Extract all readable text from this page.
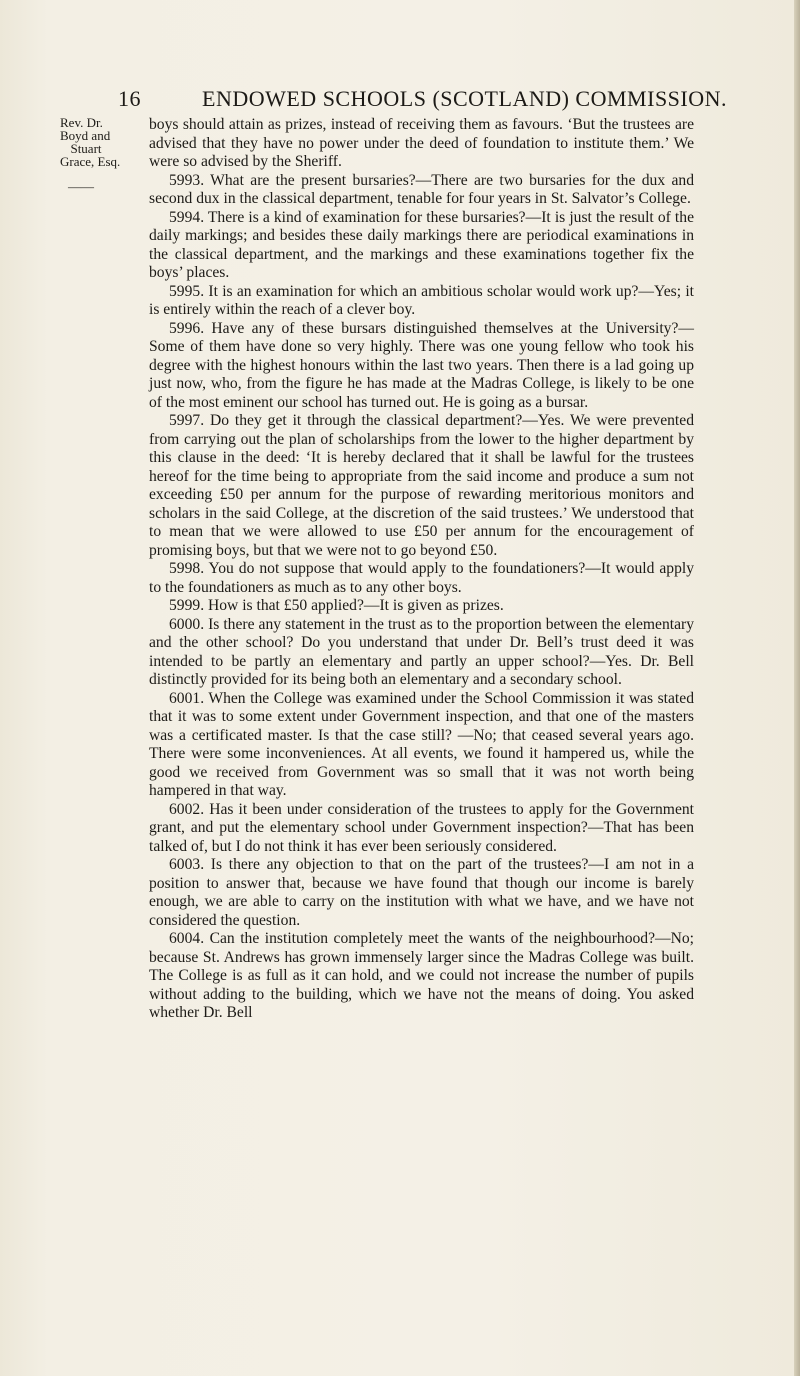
16	ENDOWED SCHOOLS (SCOTLAND) COMMISSION.
Rev. Dr.
Boyd and
Stuart
Grace, Esq.
——

boys should attain as prizes, instead of receiving them as favours. ‘But the trustees are advised that they have no power under the deed of foundation to institute them.’ We were so advised by the Sheriff.

5993. What are the present bursaries?—There are two bursaries for the dux and second dux in the classical department, tenable for four years in St. Salvator’s College.

5994. There is a kind of examination for these bursaries?—It is just the result of the daily markings; and besides these daily markings there are periodical examinations in the classical department, and the markings and these examinations together fix the boys’ places.

5995. It is an examination for which an ambitious scholar would work up?—Yes; it is entirely within the reach of a clever boy.

5996. Have any of these bursars distinguished themselves at the University?—Some of them have done so very highly. There was one young fellow who took his degree with the highest honours within the last two years. Then there is a lad going up just now, who, from the figure he has made at the Madras College, is likely to be one of the most eminent our school has turned out. He is going as a bursar.

5997. Do they get it through the classical department?—Yes. We were prevented from carrying out the plan of scholarships from the lower to the higher department by this clause in the deed: ‘It is hereby declared that it shall be lawful for the trustees hereof for the time being to appropriate from the said income and produce a sum not exceeding £50 per annum for the purpose of rewarding meritorious monitors and scholars in the said College, at the discretion of the said trustees.’ We understood that to mean that we were allowed to use £50 per annum for the encouragement of promising boys, but that we were not to go beyond £50.

5998. You do not suppose that would apply to the foundationers?—It would apply to the foundationers as much as to any other boys.

5999. How is that £50 applied?—It is given as prizes.

6000. Is there any statement in the trust as to the proportion between the elementary and the other school? Do you understand that under Dr. Bell’s trust deed it was intended to be partly an elementary and partly an upper school?—Yes. Dr. Bell distinctly provided for its being both an elementary and a secondary school.

6001. When the College was examined under the School Commission it was stated that it was to some extent under Government inspection, and that one of the masters was a certificated master. Is that the case still? —No; that ceased several years ago. There were some inconveniences. At all events, we found it hampered us, while the good we received from Government was so small that it was not worth being hampered in that way.

6002. Has it been under consideration of the trustees to apply for the Government grant, and put the elementary school under Government inspection?—That has been talked of, but I do not think it has ever been seriously considered.

6003. Is there any objection to that on the part of the trustees?—I am not in a position to answer that, because we have found that though our income is barely enough, we are able to carry on the institution with what we have, and we have not considered the question.

6004. Can the institution completely meet the wants of the neighbourhood?—No; because St. Andrews has grown immensely larger since the Madras College was built. The College is as full as it can hold, and we could not increase the number of pupils without adding to the building, which we have not the means of doing. You asked whether Dr. Bell
